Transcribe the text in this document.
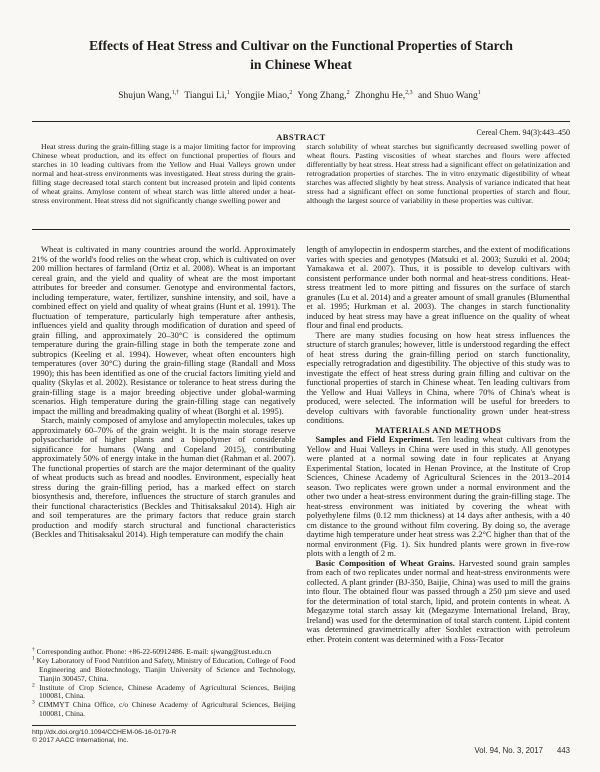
Effects of Heat Stress and Cultivar on the Functional Properties of Starch
in Chinese Wheat
Shujun Wang,$^{1,\dagger}$ Tiangui Li,$^1$ Yongjie Miao,$^2$ Yong Zhang,$^2$ Zhonghu He,$^{2,3}$ and Shuo Wang$^1$
ABSTRACT	Cereal Chem. 94(3):443–450

Heat stress during the grain-filling stage is a major limiting factor for improving Chinese wheat production, and its effect on functional properties of flours and starches in 10 leading cultivars from the Yellow and Huai Valleys grown under normal and heat-stress environments was investigated. Heat stress during the grain-filling stage decreased total starch content but increased protein and lipid contents of wheat grains. Amylose content of wheat starch was little altered under a heat-stress environment. Heat stress did not significantly change swelling power and

starch solubility of wheat starches but significantly decreased swelling power of wheat flours. Pasting viscosities of wheat starches and flours were affected differentially by heat stress. Heat stress had a significant effect on gelatinization and retrogradation properties of starches. The in vitro enzymatic digestibility of wheat starches was affected slightly by heat stress. Analysis of variance indicated that heat stress had a significant effect on some functional properties of starch and flour, although the largest source of variability in these properties was cultivar.

Wheat is cultivated in many countries around the world. Approximately 21% of the world's food relies on the wheat crop, which is cultivated on over 200 million hectares of farmland (Ortiz et al. 2008). Wheat is an important cereal grain, and the yield and quality of wheat are the most important attributes for breeder and consumer. Genotype and environmental factors, including temperature, water, fertilizer, sunshine intensity, and soil, have a combined effect on yield and quality of wheat grains (Hunt et al. 1991). The fluctuation of temperature, particularly high temperature after anthesis, influences yield and quality through modification of duration and speed of grain filling, and approximately 20–30°C is considered the optimum temperature during the grain-filling stage in both the temperate zone and subtropics (Keeling et al. 1994). However, wheat often encounters high temperatures (over 30°C) during the grain-filling stage (Randall and Moss 1990); this has been identified as one of the crucial factors limiting yield and quality (Skylas et al. 2002). Resistance or tolerance to heat stress during the grain-filling stage is a major breeding objective under global-warming scenarios. High temperature during the grain-filling stage can negatively impact the milling and breadmaking quality of wheat (Borghi et al. 1995).

Starch, mainly composed of amylose and amylopectin molecules, takes up approximately 60–70% of the grain weight. It is the main storage reserve polysaccharide of higher plants and a biopolymer of considerable significance for humans (Wang and Copeland 2015), contributing approximately 50% of energy intake in the human diet (Rahman et al. 2007). The functional properties of starch are the major determinant of the quality of wheat products such as bread and noodles. Environment, especially heat stress during the grain-filling period, has a marked effect on starch biosynthesis and, therefore, influences the structure of starch granules and their functional characteristics (Beckles and Thitisaksakul 2014). High air and soil temperatures are the primary factors that reduce grain starch production and modify starch structural and functional characteristics (Beckles and Thitisaksakul 2014). High temperature can modify the chain

† Corresponding author. Phone: +86-22-60912486. E-mail: sjwang@tust.edu.cn

$^1$ Key Laboratory of Food Nutrition and Safety, Ministry of Education, College of Food Engineering and Biotechnology, Tianjin University of Science and Technology, Tianjin 300457, China.

$^2$ Institute of Crop Science, Chinese Academy of Agricultural Sciences, Beijing 100081, China.

$^3$ CIMMYT China Office, c/o Chinese Academy of Agricultural Sciences, Beijing 100081, China.

http://dx.doi.org/10.1094/CCHEM-06-16-0179-R
© 2017 AACC International, Inc.

length of amylopectin in endosperm starches, and the extent of modifications varies with species and genotypes (Matsuki et al. 2003; Suzuki et al. 2004; Yamakawa et al. 2007). Thus, it is possible to develop cultivars with consistent performance under both normal and heat-stress conditions. Heat-stress treatment led to more pitting and fissures on the surface of starch granules (Lu et al. 2014) and a greater amount of small granules (Blumenthal et al. 1995; Hurkman et al. 2003). The changes in starch functionality induced by heat stress may have a great influence on the quality of wheat flour and final end products.

There are many studies focusing on how heat stress influences the structure of starch granules; however, little is understood regarding the effect of heat stress during the grain-filling period on starch functionality, especially retrogradation and digestibility. The objective of this study was to investigate the effect of heat stress during grain filling and cultivar on the functional properties of starch in Chinese wheat. Ten leading cultivars from the Yellow and Huai Valleys in China, where 70% of China's wheat is produced, were selected. The information will be useful for breeders to develop cultivars with favorable functionality grown under heat-stress conditions.

MATERIALS AND METHODS

Samples and Field Experiment. Ten leading wheat cultivars from the Yellow and Huai Valleys in China were used in this study. All genotypes were planted at a normal sowing date in four replicates at Anyang Experimental Station, located in Henan Province, at the Institute of Crop Sciences, Chinese Academy of Agricultural Sciences in the 2013–2014 season. Two replicates were grown under a normal environment and the other two under a heat-stress environment during the grain-filling stage. The heat-stress environment was initiated by covering the wheat with polyethylene films (0.12 mm thickness) at 14 days after anthesis, with a 40 cm distance to the ground without film covering. By doing so, the average daytime high temperature under heat stress was 2.2°C higher than that of the normal environment (Fig. 1). Six hundred plants were grown in five-row plots with a length of 2 m.

Basic Composition of Wheat Grains. Harvested sound grain samples from each of two replicates under normal and heat-stress environments were collected. A plant grinder (BJ-350, Baijie, China) was used to mill the grains into flour. The obtained flour was passed through a 250 µm sieve and used for the determination of total starch, lipid, and protein contents in wheat. A Megazyme total starch assay kit (Megazyme International Ireland, Bray, Ireland) was used for the determination of total starch content. Lipid content was determined gravimetrically after Soxhlet extraction with petroleum ether. Protein content was determined with a Foss-Tecator

Vol. 94, No. 3, 2017 443
